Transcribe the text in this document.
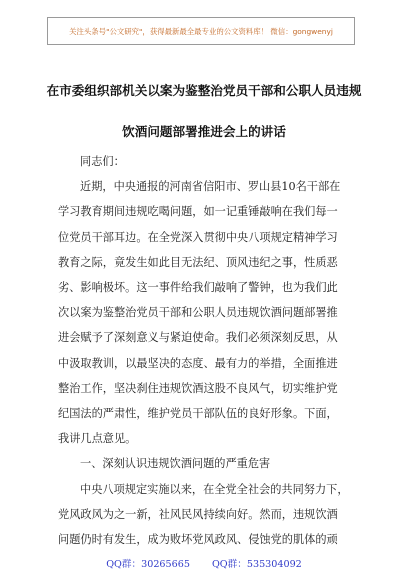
关注头条号"公文研究"，获得最新最全最专业的公文资料库！ 微信：gongwenyj
在市委组织部机关以案为鉴整治党员干部和公职人员违规
饮酒问题部署推进会上的讲话
同志们：
近期，中央通报的河南省信阳市、罗山县10名干部在
学习教育期间违规吃喝问题，如一记重锤敲响在我们每一
位党员干部耳边。在全党深入贯彻中央八项规定精神学习
教育之际，竟发生如此目无法纪、顶风违纪之事，性质恶
劣、影响极坏。这一事件给我们敲响了警钟，也为我们此
次以案为鉴整治党员干部和公职人员违规饮酒问题部署推
进会赋予了深刻意义与紧迫使命。我们必须深刻反思，从
中汲取教训，以最坚决的态度、最有力的举措，全面推进
整治工作，坚决刹住违规饮酒这股不良风气，切实维护党
纪国法的严肃性，维护党员干部队伍的良好形象。下面，
我讲几点意见。
一、深刻认识违规饮酒问题的严重危害
中央八项规定实施以来，在全党全社会的共同努力下，
党风政风为之一新，社风民风持续向好。然而，违规饮酒
问题仍时有发生，成为败坏党风政风、侵蚀党的肌体的顽
QQ群：30265665 QQ群：535304092
